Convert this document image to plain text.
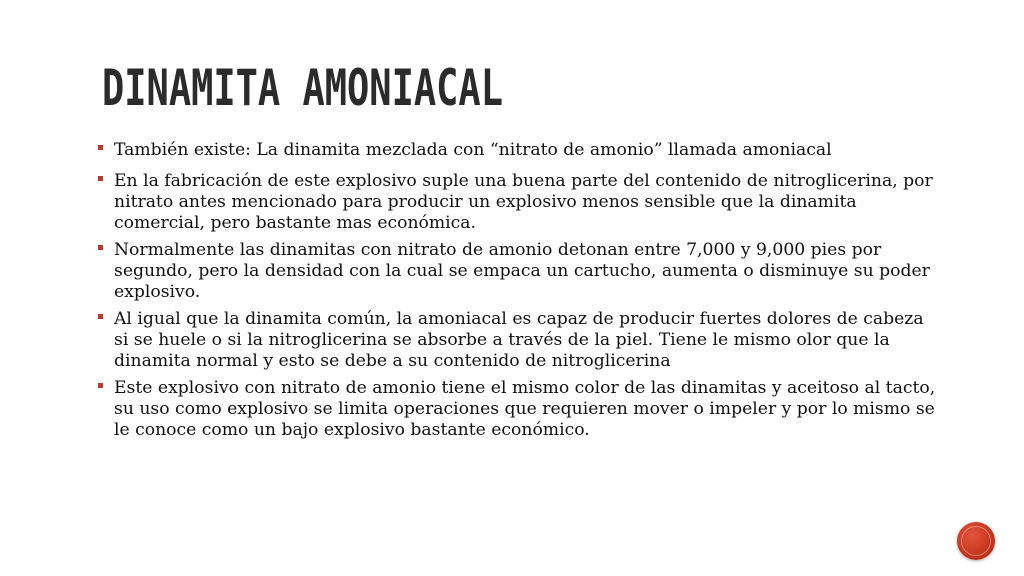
DINAMITA AMONIACAL
También existe: La dinamita mezclada con “nitrato de amonio” llamada amoniacal
En la fabricación de este explosivo suple una buena parte del contenido de nitroglicerina, por nitrato antes mencionado para producir un explosivo menos sensible que la dinamita comercial, pero bastante mas económica.
Normalmente las dinamitas con nitrato de amonio detonan entre 7,000 y 9,000 pies por segundo, pero la densidad con la cual se empaca un cartucho, aumenta o disminuye su poder explosivo.
Al igual que la dinamita común, la amoniacal es capaz de producir fuertes dolores de cabeza si se huele o si la nitroglicerina se absorbe a través de la piel. Tiene le mismo olor que la dinamita normal y esto se debe a su contenido de nitroglicerina
Este explosivo con nitrato de amonio tiene el mismo color de las dinamitas y aceitoso al tacto, su uso como explosivo se limita operaciones que requieren mover o impeler y por lo mismo se le conoce como un bajo explosivo bastante económico.
